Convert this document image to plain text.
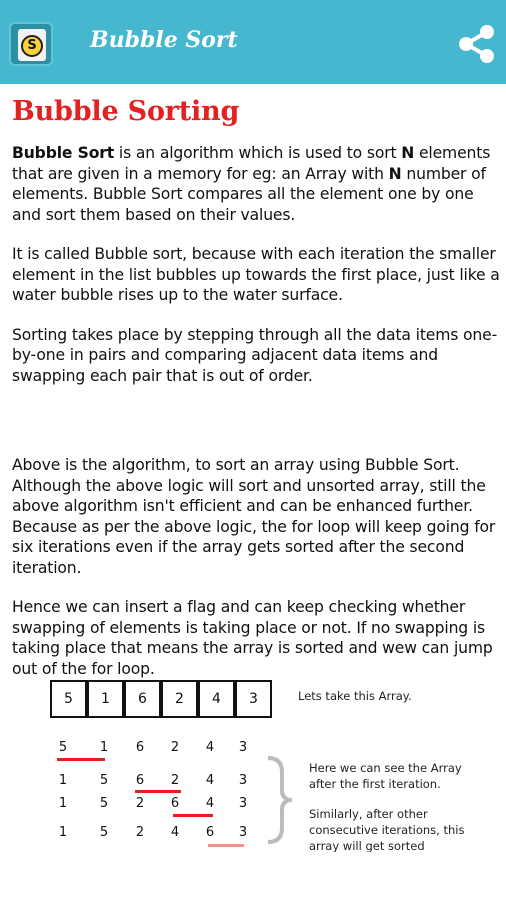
S Bubble Sort
Bubble Sorting

Bubble Sort is an algorithm which is used to sort N elements that are given in a memory for eg: an Array with N number of elements. Bubble Sort compares all the element one by one and sort them based on their values.

It is called Bubble sort, because with each iteration the smaller element in the list bubbles up towards the first place, just like a water bubble rises up to the water surface.

Sorting takes place by stepping through all the data items one-by-one in pairs and comparing adjacent data items and swapping each pair that is out of order.

Above is the algorithm, to sort an array using Bubble Sort. Although the above logic will sort and unsorted array, still the above algorithm isn't efficient and can be enhanced further. Because as per the above logic, the for loop will keep going for six iterations even if the array gets sorted after the second iteration.

Hence we can insert a flag and can keep checking whether swapping of elements is taking place or not. If no swapping is taking place that means the array is sorted and wew can jump out of the for loop.

5	1	6	2	4	3	Lets take this Array.
5	1	6	2	4	3
1	5	6	2	4	3
1	5	2	6	4	3
1	5	2	4	6	3
Here we can see the Array
after the first iteration.
Similarly, after other
consecutive iterations, this
array will get sorted
